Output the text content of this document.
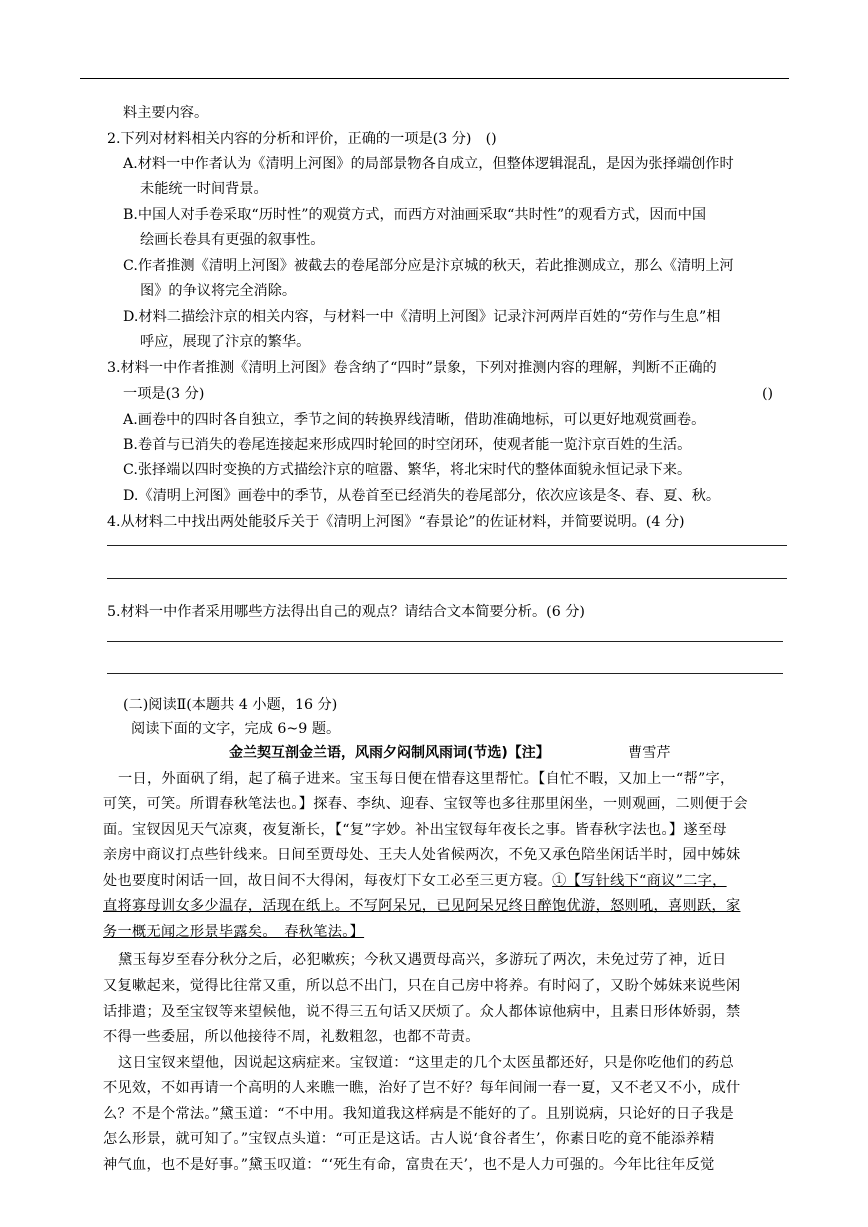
料主要内容。
2.下列对材料相关内容的分析和评价，正确的一项是(3 分)　()
A.材料一中作者认为《清明上河图》的局部景物各自成立，但整体逻辑混乱，是因为张择端创作时
未能统一时间背景。
B.中国人对手卷采取“历时性”的观赏方式，而西方对油画采取“共时性”的观看方式，因而中国
绘画长卷具有更强的叙事性。
C.作者推测《清明上河图》被截去的卷尾部分应是汴京城的秋天，若此推测成立，那么《清明上河
图》的争议将完全消除。
D.材料二描绘汴京的相关内容，与材料一中《清明上河图》记录汴河两岸百姓的“劳作与生息”相
呼应，展现了汴京的繁华。
3.材料一中作者推测《清明上河图》卷含纳了“四时”景象，下列对推测内容的理解，判断不正确的
一项是(3 分)	()
A.画卷中的四时各自独立，季节之间的转换界线清晰，借助准确地标，可以更好地观赏画卷。
B.卷首与已消失的卷尾连接起来形成四时轮回的时空闭环，使观者能一览汴京百姓的生活。
C.张择端以四时变换的方式描绘汴京的喧嚣、繁华，将北宋时代的整体面貌永恒记录下来。
D.《清明上河图》画卷中的季节，从卷首至已经消失的卷尾部分，依次应该是冬、春、夏、秋。
4.从材料二中找出两处能驳斥关于《清明上河图》“春景论”的佐证材料，并简要说明。(4 分)
5.材料一中作者采用哪些方法得出自己的观点？请结合文本简要分析。(6 分)
(二)阅读Ⅱ(本题共 4 小题，16 分)
阅读下面的文字，完成 6~9 题。
金兰契互剖金兰语，风雨夕闷制风雨词(节选)【注】	曹雪芹
一日，外面矾了绢，起了稿子进来。宝玉每日便在惜春这里帮忙。【自忙不暇，又加上一“帮”字，
可笑，可笑。所谓春秋笔法也。】探春、李纨、迎春、宝钗等也多往那里闲坐，一则观画，二则便于会
面。宝钗因见天气凉爽，夜复渐长，【“复”字妙。补出宝钗每年夜长之事。皆春秋字法也。】遂至母
亲房中商议打点些针线来。日间至贾母处、王夫人处省候两次，不免又承色陪坐闲话半时，园中姊妹
处也要度时闲话一回，故日间不大得闲，每夜灯下女工必至三更方寝。①【写针线下“商议”二字，
直将寡母训女多少温存，活现在纸上。不写阿呆兄，已见阿呆兄终日醉饱优游，怒则吼，喜则跃，家
务一概无闻之形景毕露矣。　春秋笔法。】
黛玉每岁至春分秋分之后，必犯嗽疾；今秋又遇贾母高兴，多游玩了两次，未免过劳了神，近日
又复嗽起来，觉得比往常又重，所以总不出门，只在自己房中将养。有时闷了，又盼个姊妹来说些闲
话排遣；及至宝钗等来望候他，说不得三五句话又厌烦了。众人都体谅他病中，且素日形体娇弱，禁
不得一些委屈，所以他接待不周，礼数粗忽，也都不苛责。
这日宝钗来望他，因说起这病症来。宝钗道：“这里走的几个太医虽都还好，只是你吃他们的药总
不见效，不如再请一个高明的人来瞧一瞧，治好了岂不好？每年间闹一春一夏，又不老又不小，成什
么？不是个常法。”黛玉道：“不中用。我知道我这样病是不能好的了。且别说病，只论好的日子我是
怎么形景，就可知了。”宝钗点头道：“可正是这话。古人说‘食谷者生’，你素日吃的竟不能添养精
神气血，也不是好事。”黛玉叹道：“‘死生有命，富贵在天’，也不是人力可强的。今年比往年反觉
